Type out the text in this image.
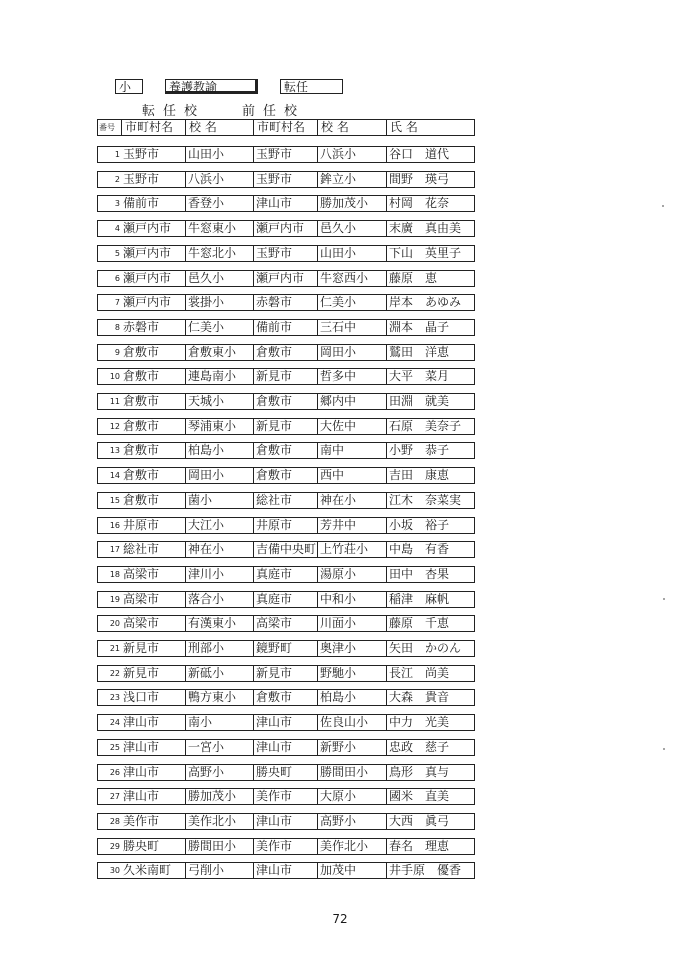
小	養護教諭	転任
転任校	前任校
番号 市町村名	校 名	市町村名	校 名	氏 名
1 玉野市	山田小	玉野市	八浜小	谷口　道代
2 玉野市	八浜小	玉野市	鉾立小	間野　瑛弓
3 備前市	香登小	津山市	勝加茂小	村岡　花奈
4 瀬戸内市	牛窓東小	瀬戸内市	邑久小	末廣　真由美
5 瀬戸内市	牛窓北小	玉野市	山田小	下山　英里子
6 瀬戸内市	邑久小	瀬戸内市	牛窓西小	藤原　恵
7 瀬戸内市	裳掛小	赤磐市	仁美小	岸本　あゆみ
8 赤磐市	仁美小	備前市	三石中	淵本　晶子
9 倉敷市	倉敷東小	倉敷市	岡田小	鷲田　洋恵
10 倉敷市	連島南小	新見市	哲多中	大平　菜月
11 倉敷市	天城小	倉敷市	郷内中	田淵　就美
12 倉敷市	琴浦東小	新見市	大佐中	石原　美奈子
13 倉敷市	柏島小	倉敷市	南中	小野　恭子
14 倉敷市	岡田小	倉敷市	西中	吉田　康恵
15 倉敷市	菌小	総社市	神在小	江木　奈菜実
16 井原市	大江小	井原市	芳井中	小坂　裕子
17 総社市	神在小	吉備中央町 上竹荘小	中島　有香
18 高梁市	津川小	真庭市	湯原小	田中　杏果
19 高梁市	落合小	真庭市	中和小	稲津　麻帆
20 高梁市	有漢東小	高梁市	川面小	藤原　千恵
21 新見市	刑部小	鏡野町	奥津小	矢田　かのん
22 新見市	新砥小	新見市	野馳小	長江　尚美
23 浅口市	鴨方東小	倉敷市	柏島小	大森　貴音
24 津山市	南小	津山市	佐良山小	中力　光美
25 津山市	一宮小	津山市	新野小	忠政　慈子
26 津山市	高野小	勝央町	勝間田小	鳥形　真与
27 津山市	勝加茂小	美作市	大原小	國米　直美
28 美作市	美作北小	津山市	高野小	大西　眞弓
29 勝央町	勝間田小	美作市	美作北小	春名　理恵
30 久米南町	弓削小	津山市	加茂中	井手原　優香
72
